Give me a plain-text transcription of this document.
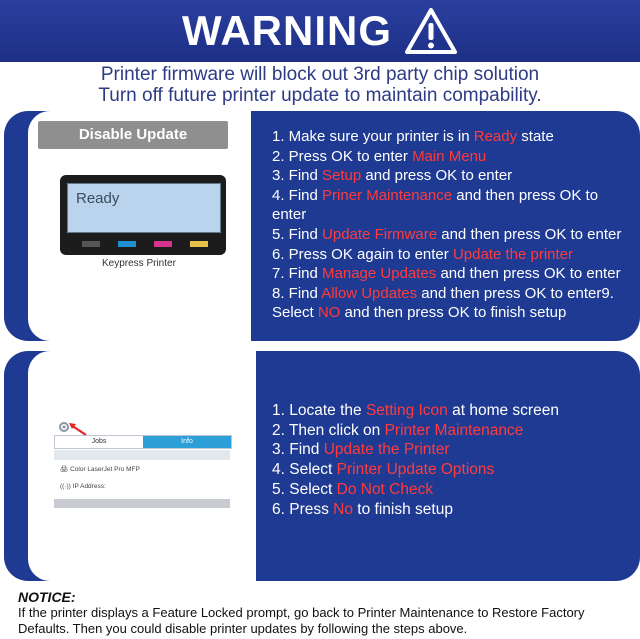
WARNING
Printer firmware will block out 3rd party chip solution
Turn off future printer update to maintain compability.
Disable Update Instruction
Ready
Keypress Printer
1. Make sure your printer is in Ready state
2. Press OK to enter Main Menu
3. Find Setup and press OK to enter
4. Find Priner Maintenance and then press OK to enter
5. Find Update Firmware and then press OK to enter
6. Press OK again to enter Update the printer
7. Find Manage Updates and then press OK to enter
8. Find Allow Updates and then press OK to enter9. Select NO and then press OK to finish setup
Jobs	Info
🖨 Color LaserJet Pro MFP
((·)) IP Address:
1. Locate the Setting Icon at home screen
2. Then click on Printer Maintenance
3. Find Update the Printer
4. Select Printer Update Options
5. Select Do Not Check
6. Press No to finish setup
NOTICE:
If the printer displays a Feature Locked prompt, go back to Printer Maintenance to Restore Factory Defaults. Then you could disable printer updates by following the steps above.
